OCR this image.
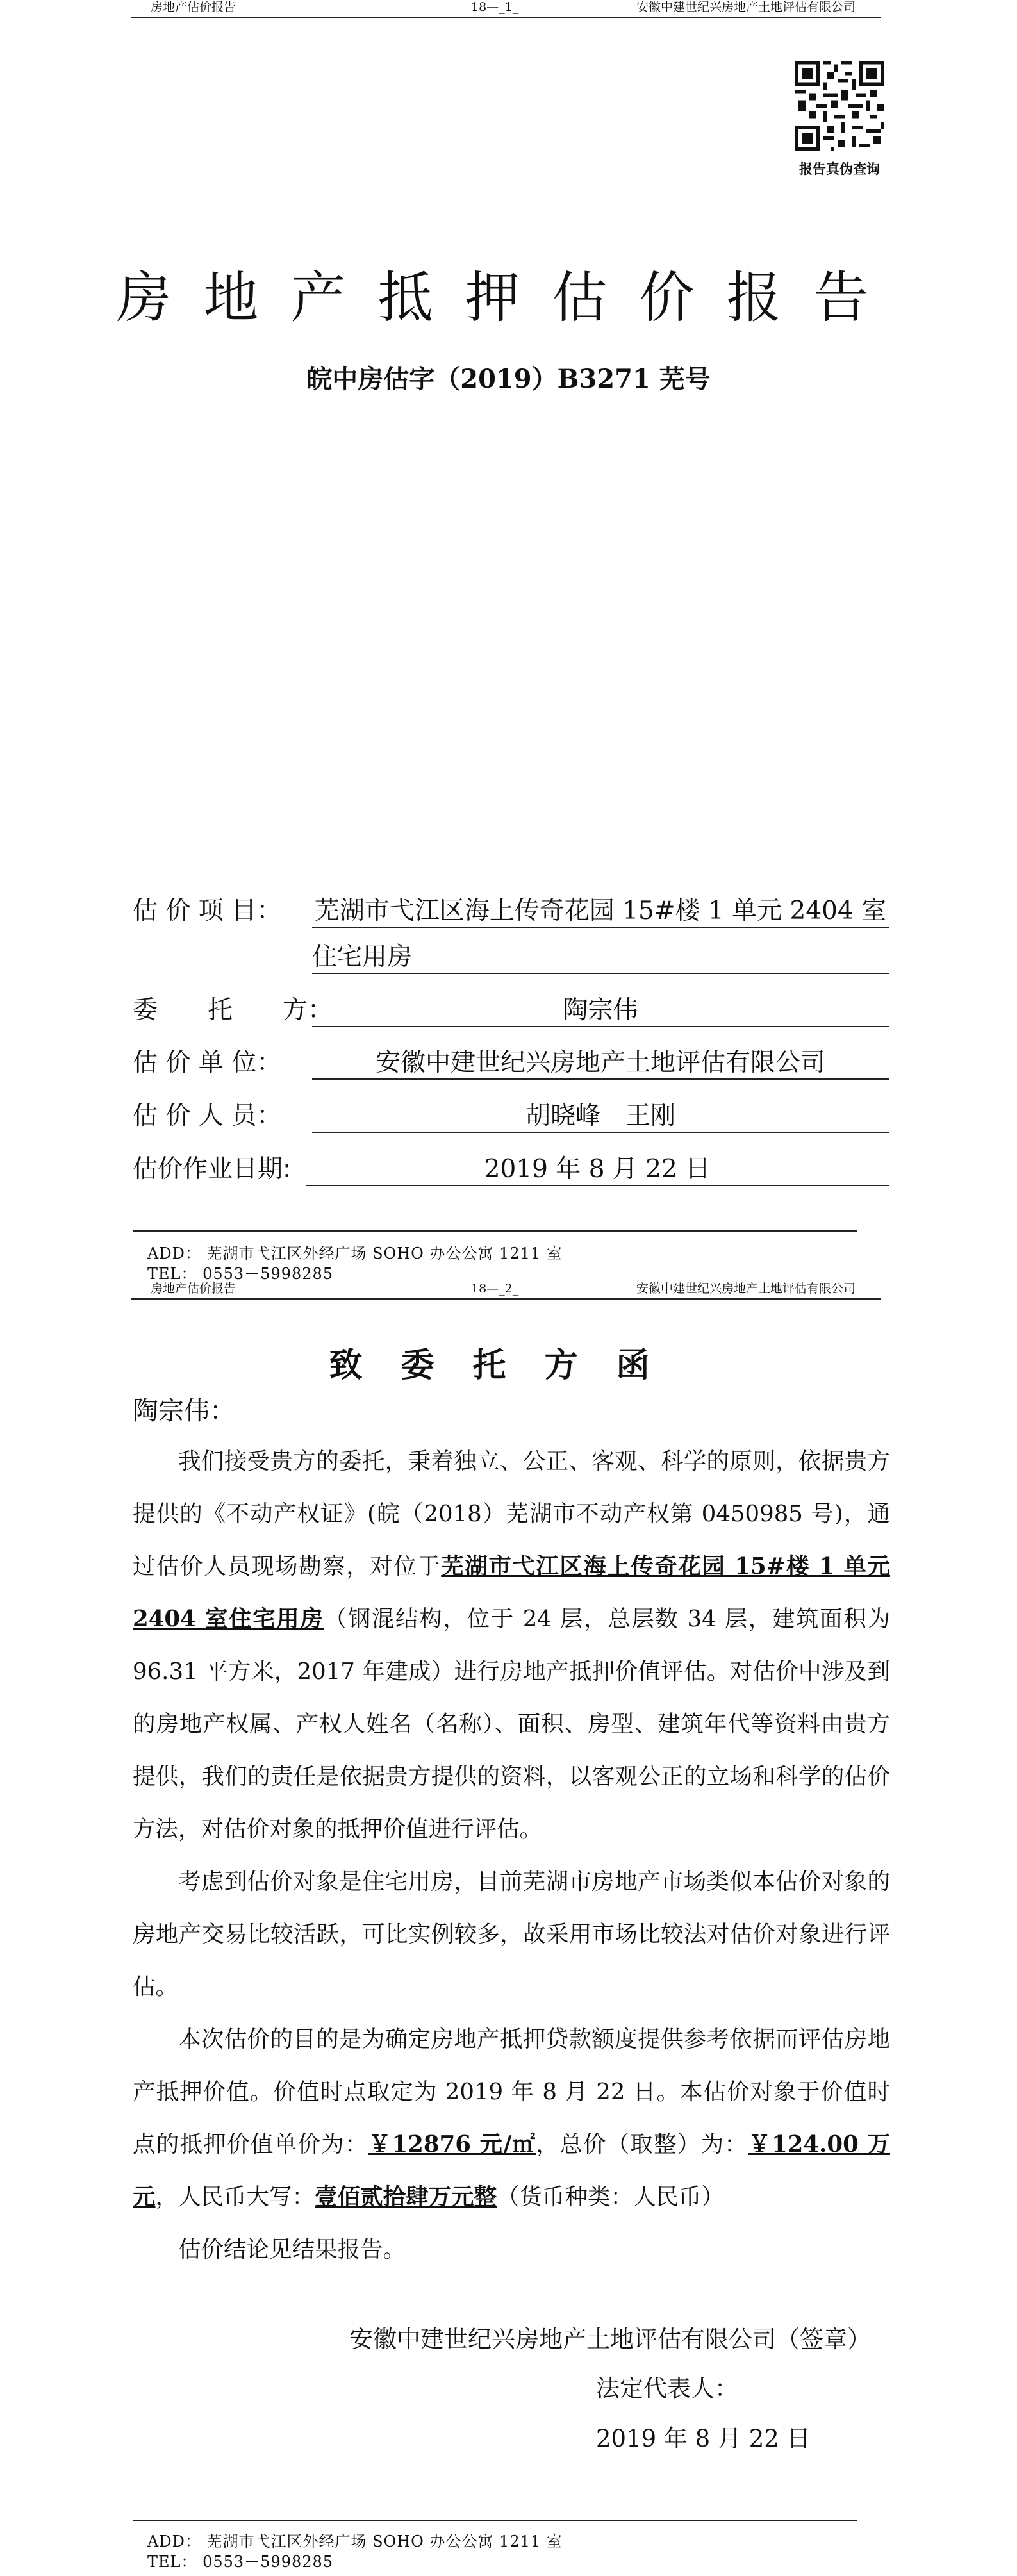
房地产估价报告	18—_1_	安徽中建世纪兴房地产土地评估有限公司
报告真伪查询
房地产抵押估价报告
皖中房估字（2019）B3271 芜号
估 价 项 目： 芜湖市弋江区海上传奇花园 15#楼 1 单元 2404 室
住宅用房
委　　托　　方：	陶宗伟
估 价 单 位：	安徽中建世纪兴房地产土地评估有限公司
估 价 人 员：	胡晓峰　王刚
估价作业日期:	2019 年 8 月 22 日
ADD： 芜湖市弋江区外经广场 SOHO 办公公寓 1211 室
TEL： 0553－5998285
房地产估价报告	18—_2_	安徽中建世纪兴房地产土地评估有限公司
致委托方函
陶宗伟：

我们接受贵方的委托，秉着独立、公正、客观、科学的原则，依据贵方提供的《不动产权证》(皖（2018）芜湖市不动产权第 0450985 号)，通过估价人员现场勘察，对位于芜湖市弋江区海上传奇花园 15#楼 1 单元 2404 室住宅用房（钢混结构，位于 24 层，总层数 34 层，建筑面积为 96.31 平方米，2017 年建成）进行房地产抵押价值评估。对估价中涉及到的房地产权属、产权人姓名（名称）、面积、房型、建筑年代等资料由贵方提供，我们的责任是依据贵方提供的资料，以客观公正的立场和科学的估价方法，对估价对象的抵押价值进行评估。

考虑到估价对象是住宅用房，目前芜湖市房地产市场类似本估价对象的房地产交易比较活跃，可比实例较多，故采用市场比较法对估价对象进行评估。

本次估价的目的是为确定房地产抵押贷款额度提供参考依据而评估房地产抵押价值。价值时点取定为 2019 年 8 月 22 日。本估价对象于价值时点的抵押价值单价为：￥12876 元/㎡，总价（取整）为：￥124.00 万元，人民币大写：壹佰贰拾肆万元整（货币种类：人民币）

估价结论见结果报告。

安徽中建世纪兴房地产土地评估有限公司（签章）
法定代表人：
2019 年 8 月 22 日
ADD： 芜湖市弋江区外经广场 SOHO 办公公寓 1211 室
TEL： 0553－5998285
